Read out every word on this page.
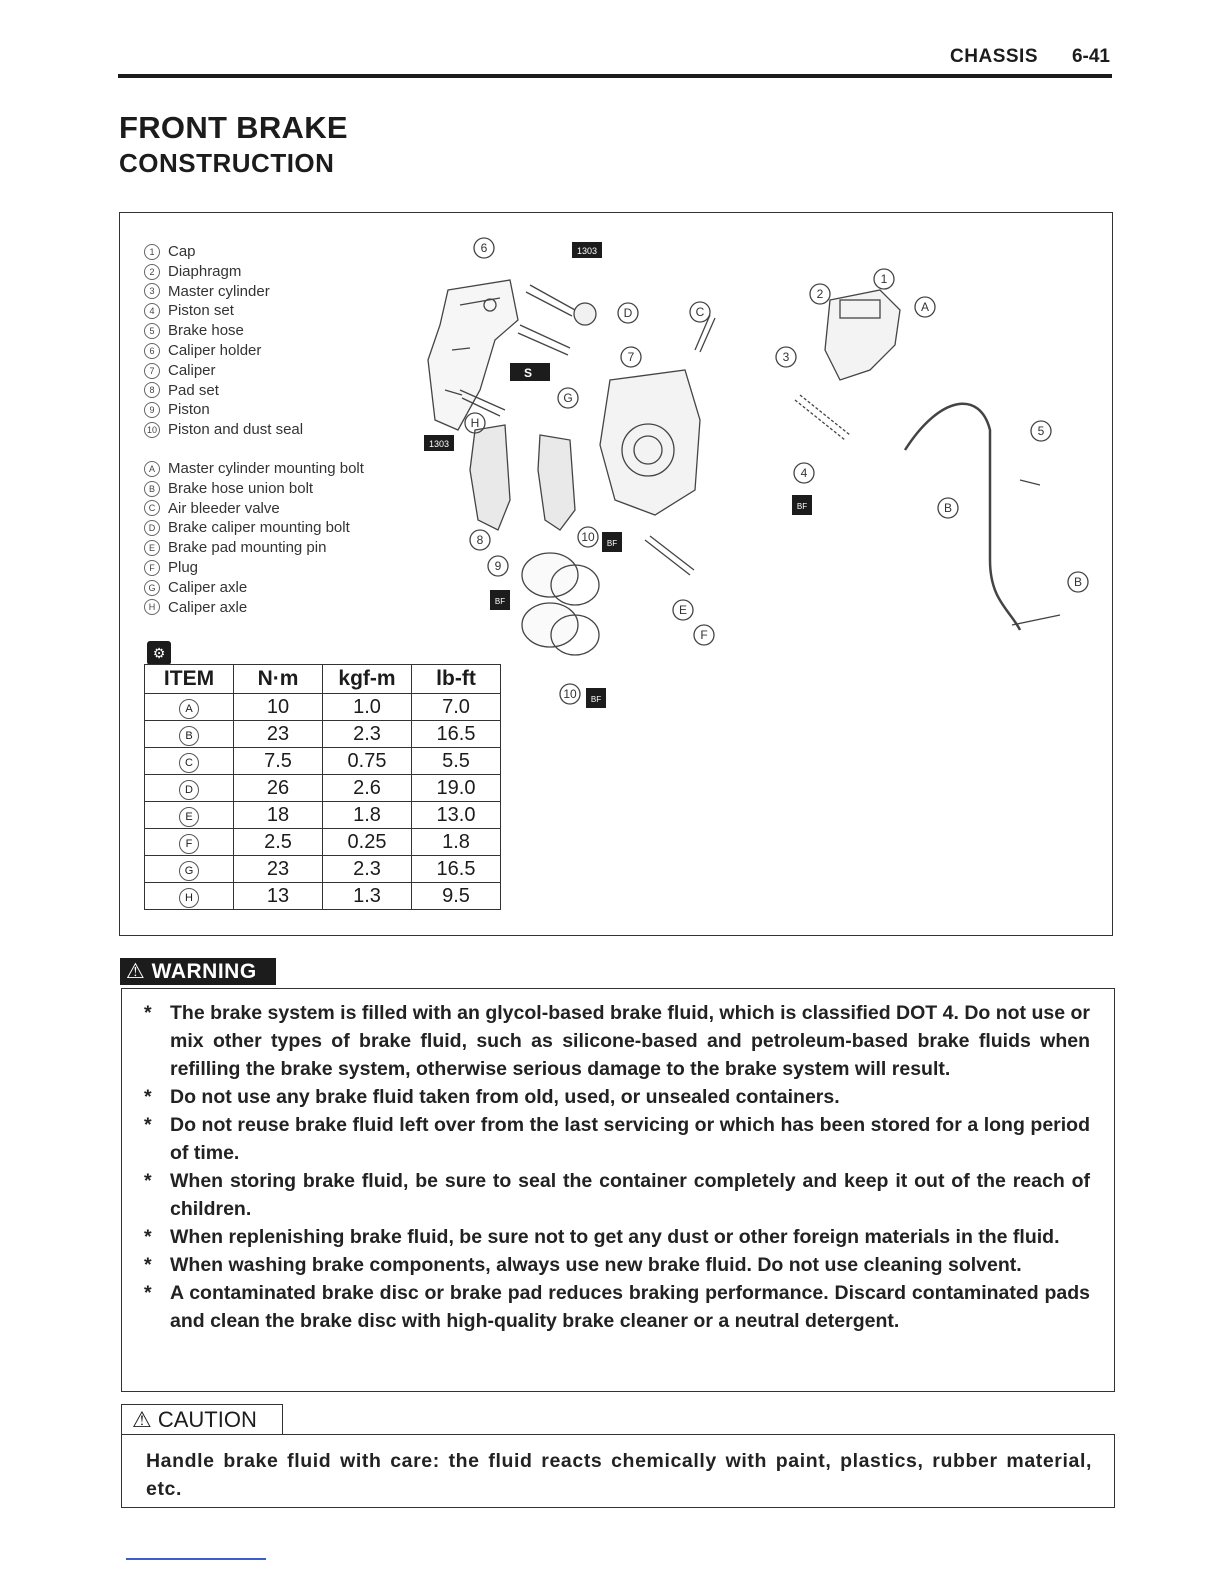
CHASSIS 6-41
FRONT BRAKE
CONSTRUCTION
1 Cap
2 Diaphragm
3 Master cylinder
4 Piston set
5 Brake hose
6 Caliper holder
7 Caliper
8 Pad set
9 Piston
10 Piston and dust seal
A Master cylinder mounting bolt
B Brake hose union bolt
C Air bleeder valve
D Brake caliper mounting bolt
E Brake pad mounting pin
F Plug
G Caliper axle
H Caliper axle
⚙
ITEM	N·m	kgf-m	lb-ft
A	10	1.0	7.0
B	23	2.3	16.5
C	7.5	0.75	5.5
D	26	2.6	19.0
E	18	1.8	13.0
F	2.5	0.25	1.8
G	23	2.3	16.5
H	13	1.3	9.5
6
D	C
7
G
H
8	10
9
E
F
10
1
2
A
3
5
4
B
B
1303
1303
S
BF
BF
BF
BF
⚠ WARNING
* The brake system is filled with an glycol-based brake fluid, which is classified DOT 4. Do not use or mix other types of brake fluid, such as silicone-based and petroleum-based brake fluids when refilling the brake system, otherwise serious damage to the brake system will result.
* Do not use any brake fluid taken from old, used, or unsealed containers.
* Do not reuse brake fluid left over from the last servicing or which has been stored for a long period of time.
* When storing brake fluid, be sure to seal the container completely and keep it out of the reach of children.
* When replenishing brake fluid, be sure not to get any dust or other foreign materials in the fluid.
* When washing brake components, always use new brake fluid. Do not use cleaning solvent.
* A contaminated brake disc or brake pad reduces braking performance. Discard contaminated pads and clean the brake disc with high-quality brake cleaner or a neutral detergent.
⚠ CAUTION

Handle brake fluid with care: the fluid reacts chemically with paint, plastics, rubber material, etc.
